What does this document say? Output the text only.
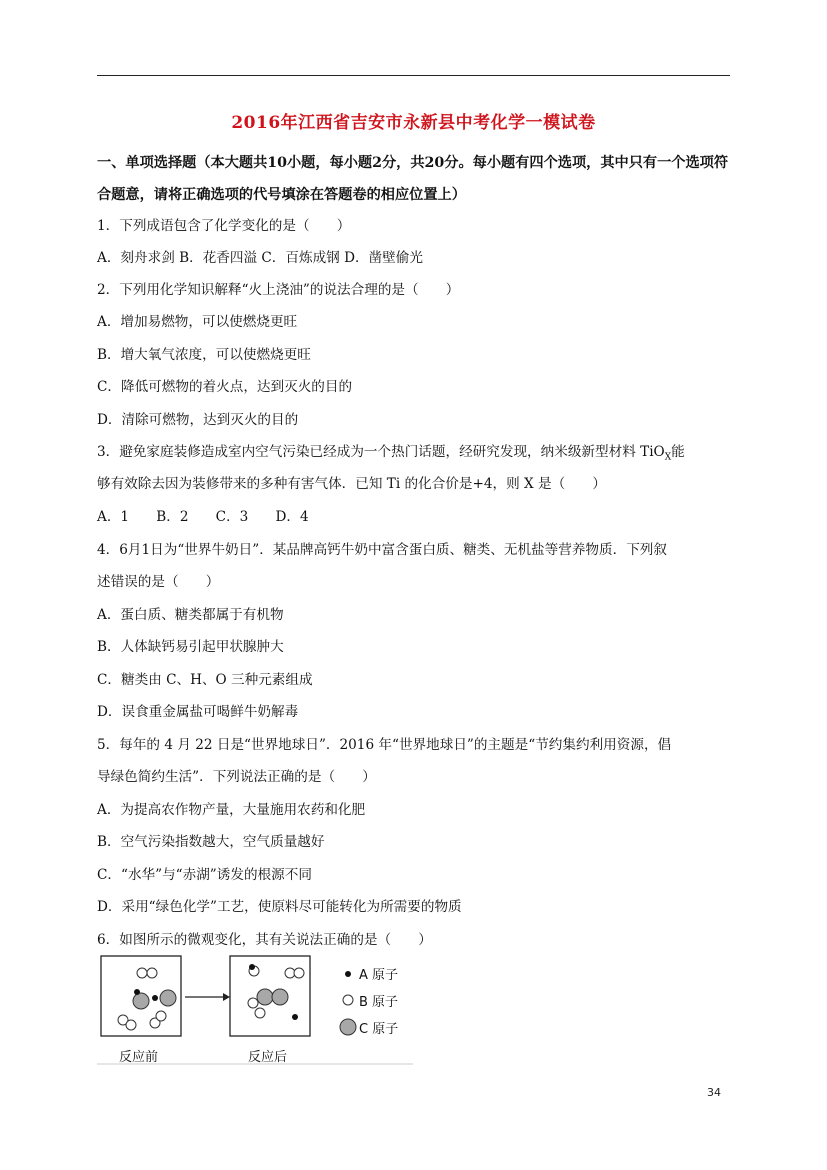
2016年江西省吉安市永新县中考化学一模试卷
一、单项选择题（本大题共10小题，每小题2分，共20分。每小题有四个选项，其中只有一个选项符合题意，请将正确选项的代号填涂在答题卷的相应位置上）
1．下列成语包含了化学变化的是（　　）
A．刻舟求剑 B．花香四溢 C．百炼成钢 D．凿壁偷光
2．下列用化学知识解释“火上浇油”的说法合理的是（　　）
A．增加易燃物，可以使燃烧更旺
B．增大氧气浓度，可以使燃烧更旺
C．降低可燃物的着火点，达到灭火的目的
D．清除可燃物，达到灭火的目的
3．避免家庭装修造成室内空气污染已经成为一个热门话题，经研究发现，纳米级新型材料 TiO$_X$能
够有效除去因为装修带来的多种有害气体．已知 Ti 的化合价是+4，则 X 是（　　）
A．1　　B．2　　C．3　　D．4
4．6月1日为“世界牛奶日”．某品牌高钙牛奶中富含蛋白质、糖类、无机盐等营养物质．下列叙
述错误的是（　　）
A．蛋白质、糖类都属于有机物
B．人体缺钙易引起甲状腺肿大
C．糖类由 C、H、O 三种元素组成
D．误食重金属盐可喝鲜牛奶解毒
5．每年的 4 月 22 日是“世界地球日”．2016 年“世界地球日”的主题是“节约集约利用资源，倡
导绿色简约生活”．下列说法正确的是（　　）
A．为提高农作物产量，大量施用农药和化肥
B．空气污染指数越大，空气质量越好
C．“水华”与“赤湖”诱发的根源不同
D．采用“绿色化学”工艺，使原料尽可能转化为所需要的物质
6．如图所示的微观变化，其有关说法正确的是（　　）
A 原子
B 原子
C 原子
反应前	反应后
34
